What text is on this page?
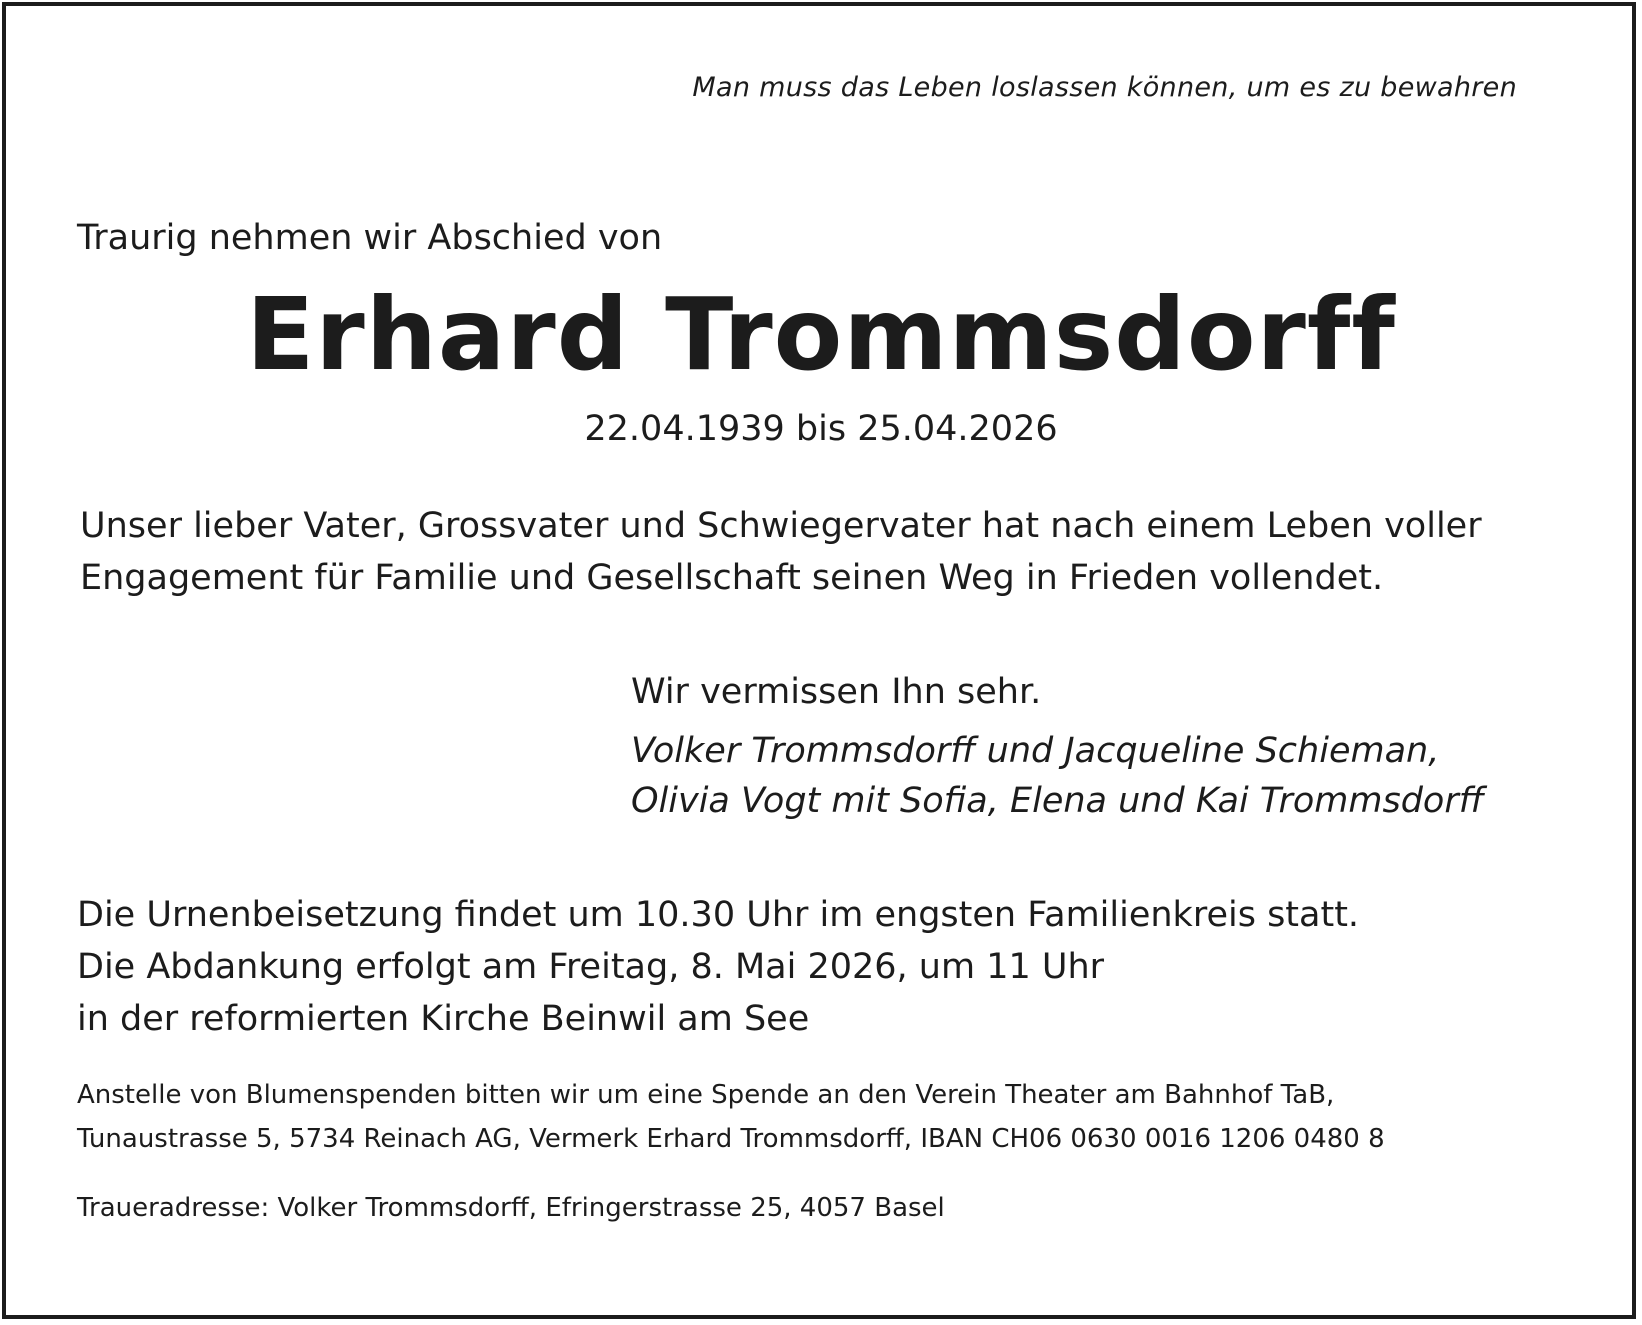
Man muss das Leben loslassen können, um es zu bewahren
Traurig nehmen wir Abschied von
Erhard Trommsdorff
22.04.1939 bis 25.04.2026
Unser lieber Vater, Grossvater und Schwiegervater hat nach einem Leben voller
Engagement für Familie und Gesellschaft seinen Weg in Frieden vollendet.
Wir vermissen Ihn sehr.
Volker Trommsdorff und Jacqueline Schieman,
Olivia Vogt mit Sofia, Elena und Kai Trommsdorff
Die Urnenbeisetzung findet um 10.30 Uhr im engsten Familienkreis statt.
Die Abdankung erfolgt am Freitag, 8. Mai 2026, um 11 Uhr
in der reformierten Kirche Beinwil am See
Anstelle von Blumenspenden bitten wir um eine Spende an den Verein Theater am Bahnhof TaB,
Tunaustrasse 5, 5734 Reinach AG, Vermerk Erhard Trommsdorff, IBAN CH06 0630 0016 1206 0480 8
Traueradresse: Volker Trommsdorff, Efringerstrasse 25, 4057 Basel
